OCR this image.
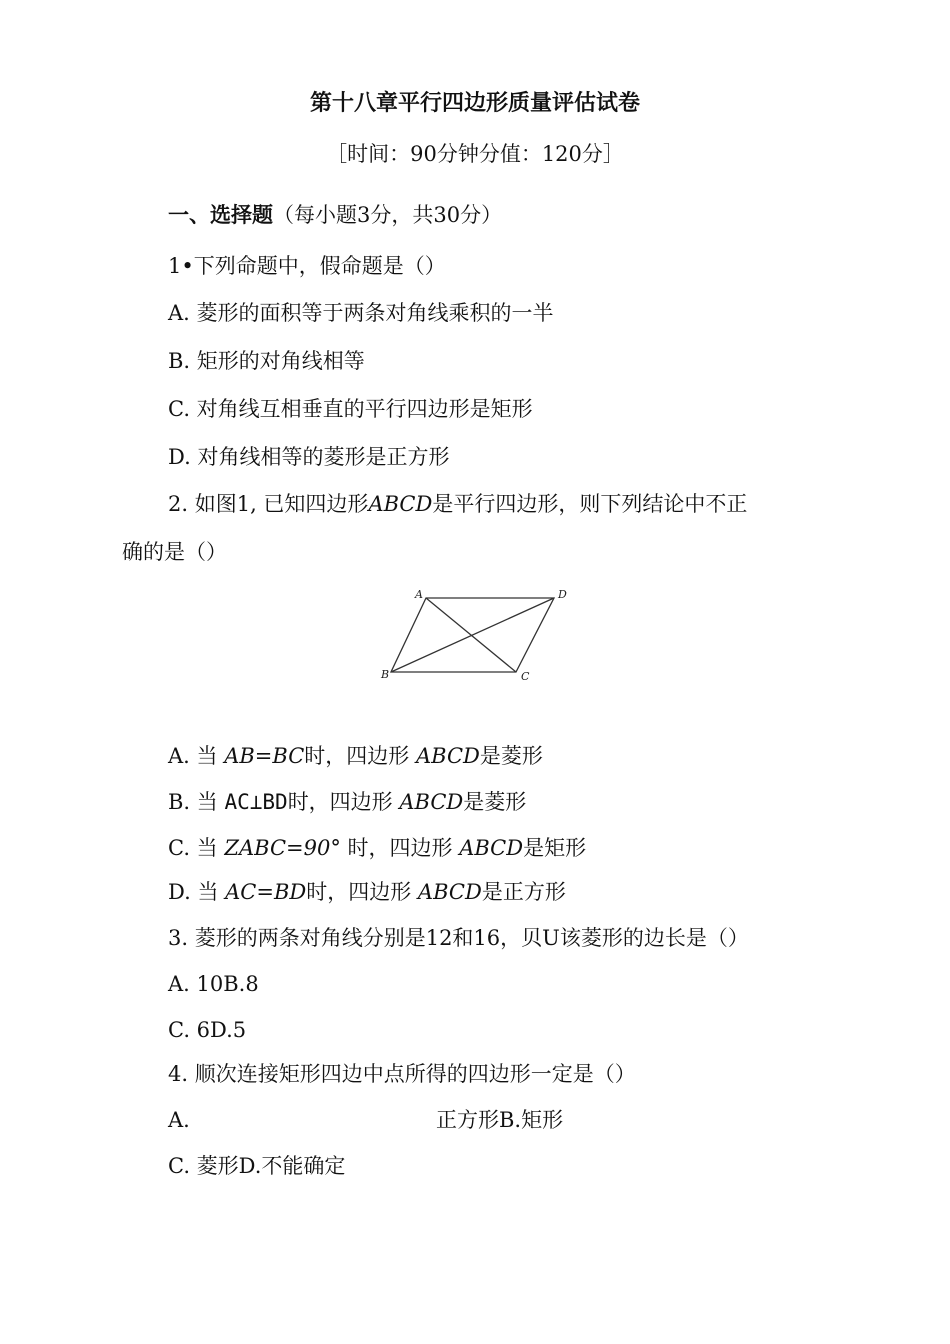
第十八章平行四边形质量评估试卷
［时间：90分钟分值：120分］
一、选择题（每小题3分，共30分）
1•下列命题中，假命题是（）
A. 菱形的面积等于两条对角线乘积的一半
B. 矩形的对角线相等
C. 对角线互相垂直的平行四边形是矩形
D. 对角线相等的菱形是正方形
2. 如图1, 已知四边形ABCD是平行四边形，则下列结论中不正
确的是（）
A	D
B	C
A. 当 AB=BC时，四边形 ABCD是菱形
B. 当 AC⊥BD时，四边形 ABCD是菱形
C. 当 ZABC=90° 时，四边形 ABCD是矩形
D. 当 AC=BD时，四边形 ABCD是正方形
3. 菱形的两条对角线分别是12和16，贝U该菱形的边长是（）
A. 10B.8
C. 6D.5
4. 顺次连接矩形四边中点所得的四边形一定是（）
A.	正方形B.矩形
C. 菱形D.不能确定
